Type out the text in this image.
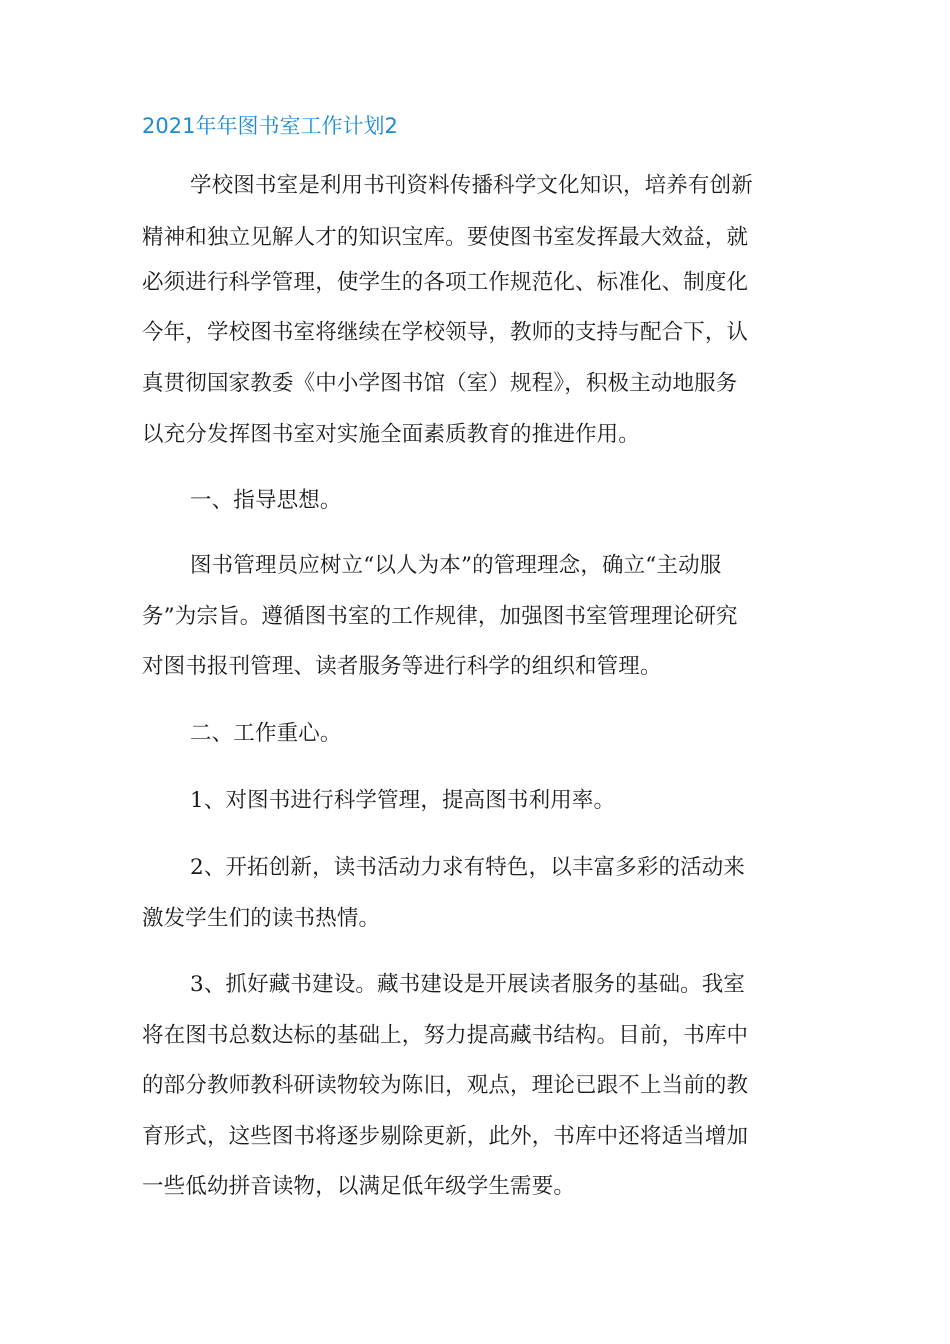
2021年年图书室工作计划2
学校图书室是利用书刊资料传播科学文化知识，培养有创新
精神和独立见解人才的知识宝库。要使图书室发挥最大效益，就
必须进行科学管理，使学生的各项工作规范化、标准化、制度化
今年，学校图书室将继续在学校领导，教师的支持与配合下，认
真贯彻国家教委《中小学图书馆（室）规程》，积极主动地服务
以充分发挥图书室对实施全面素质教育的推进作用。
一、指导思想。
图书管理员应树立“以人为本”的管理理念，确立“主动服
务”为宗旨。遵循图书室的工作规律，加强图书室管理理论研究
对图书报刊管理、读者服务等进行科学的组织和管理。
二、工作重心。
1、对图书进行科学管理，提高图书利用率。
2、开拓创新，读书活动力求有特色，以丰富多彩的活动来
激发学生们的读书热情。
3、抓好藏书建设。藏书建设是开展读者服务的基础。我室
将在图书总数达标的基础上，努力提高藏书结构。目前，书库中
的部分教师教科研读物较为陈旧，观点，理论已跟不上当前的教
育形式，这些图书将逐步剔除更新，此外，书库中还将适当增加
一些低幼拼音读物，以满足低年级学生需要。
